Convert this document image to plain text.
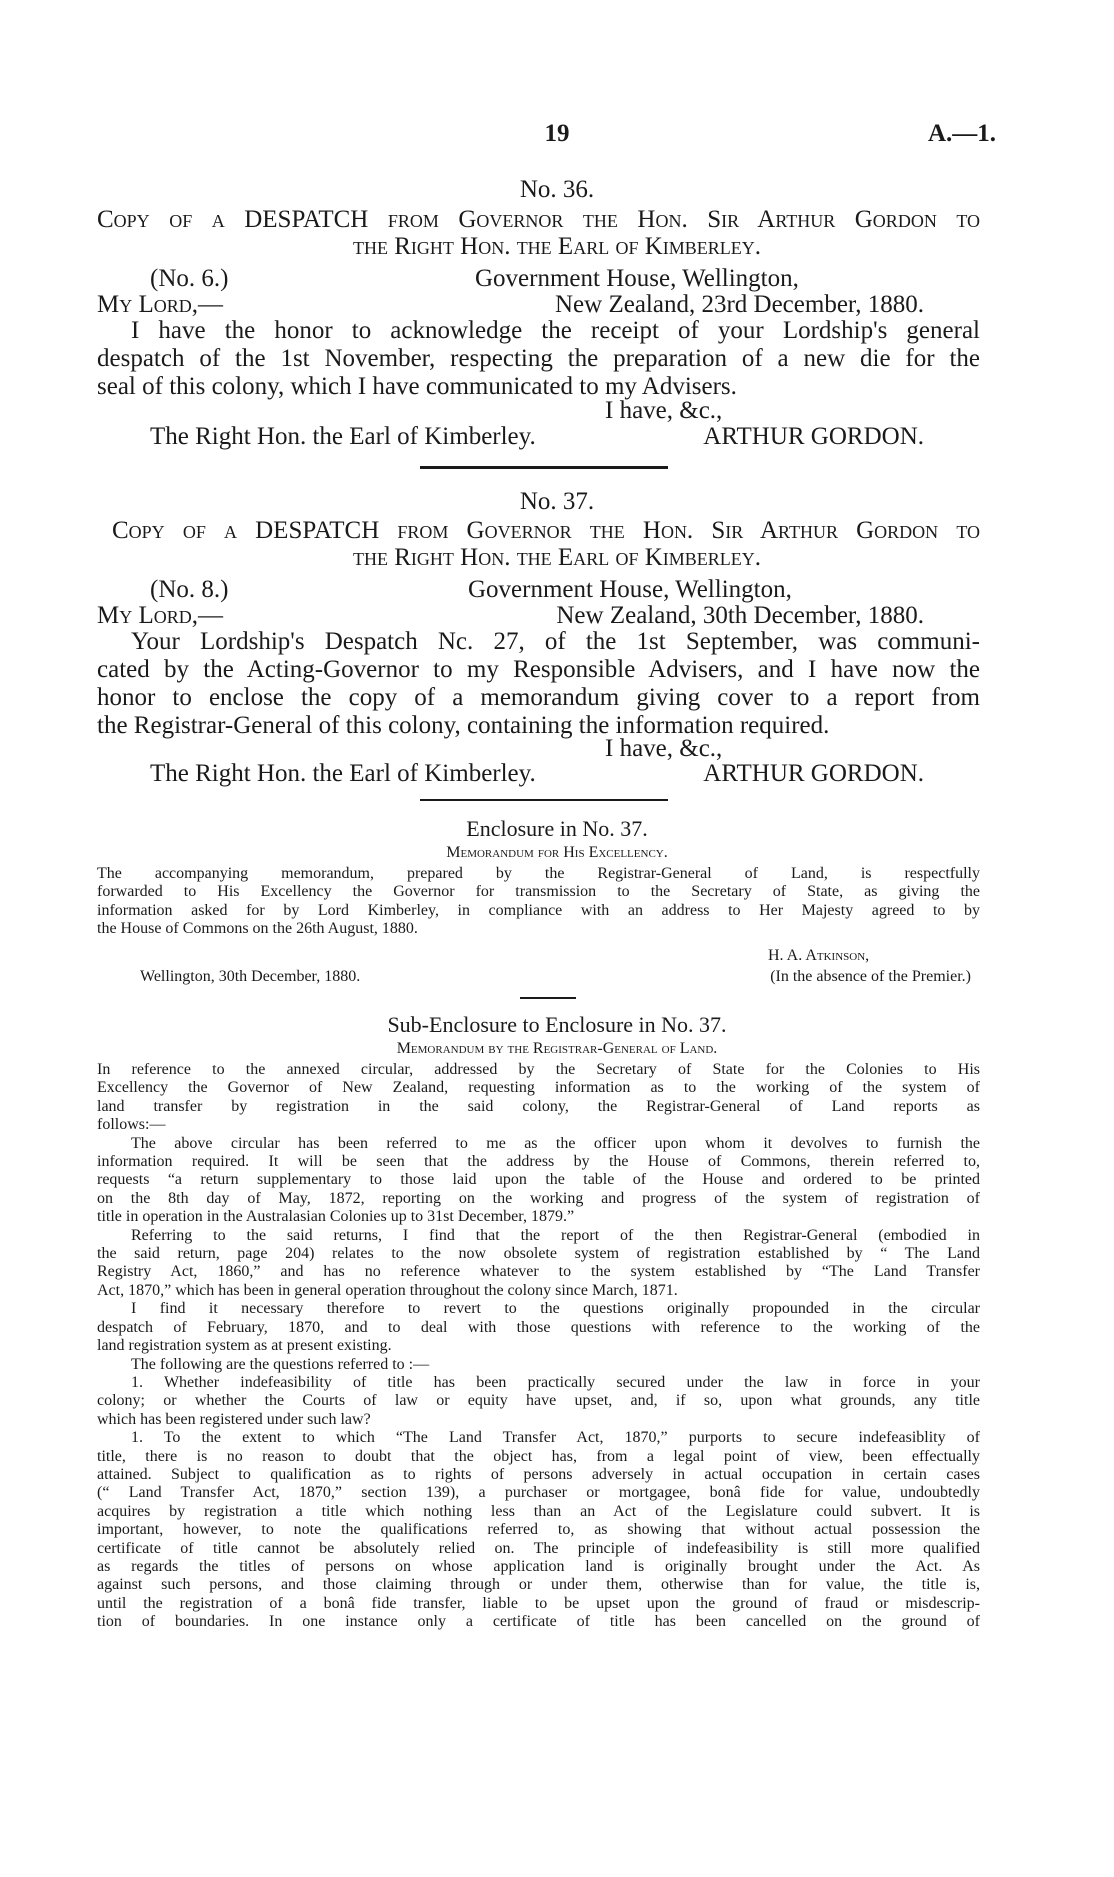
19	A.—1.
No. 36.
Copy of a DESPATCH from Governor the Hon. Sir Arthur Gordon to
the Right Hon. the Earl of Kimberley.
(No. 6.)	Government House, Wellington,
My Lord,—	New Zealand, 23rd December, 1880.
I have the honor to acknowledge the receipt of your Lordship's general
despatch of the 1st November, respecting the preparation of a new die for the
seal of this colony, which I have communicated to my Advisers.
I have, &c.,
The Right Hon. the Earl of Kimberley.	ARTHUR GORDON.
No. 37.
Copy of a DESPATCH from Governor the Hon. Sir Arthur Gordon to
the Right Hon. the Earl of Kimberley.
(No. 8.)	Government House, Wellington,
My Lord,—	New Zealand, 30th December, 1880.
Your Lordship's Despatch Nc. 27, of the 1st September, was communi-
cated by the Acting-Governor to my Responsible Advisers, and I have now the
honor to enclose the copy of a memorandum giving cover to a report from
the Registrar-General of this colony, containing the information required.
I have, &c.,
The Right Hon. the Earl of Kimberley.	ARTHUR GORDON.
Enclosure in No. 37.
Memorandum for His Excellency.
The accompanying memorandum, prepared by the Registrar-General of Land, is respectfully
forwarded to His Excellency the Governor for transmission to the Secretary of State, as giving the
information asked for by Lord Kimberley, in compliance with an address to Her Majesty agreed to by
the House of Commons on the 26th August, 1880.
H. A. Atkinson,
Wellington, 30th December, 1880.	(In the absence of the Premier.)
Sub-Enclosure to Enclosure in No. 37.
Memorandum by the Registrar-General of Land.
In reference to the annexed circular, addressed by the Secretary of State for the Colonies to His
Excellency the Governor of New Zealand, requesting information as to the working of the system of
land transfer by registration in the said colony, the Registrar-General of Land reports as
follows:—
The above circular has been referred to me as the officer upon whom it devolves to furnish the
information required. It will be seen that the address by the House of Commons, therein referred to,
requests “a return supplementary to those laid upon the table of the House and ordered to be printed
on the 8th day of May, 1872, reporting on the working and progress of the system of registration of
title in operation in the Australasian Colonies up to 31st December, 1879.”
Referring to the said returns, I find that the report of the then Registrar-General (embodied in
the said return, page 204) relates to the now obsolete system of registration established by “ The Land
Registry Act, 1860,” and has no reference whatever to the system established by “The Land Transfer
Act, 1870,” which has been in general operation throughout the colony since March, 1871.
I find it necessary therefore to revert to the questions originally propounded in the circular
despatch of February, 1870, and to deal with those questions with reference to the working of the
land registration system as at present existing.
The following are the questions referred to :—
1. Whether indefeasibility of title has been practically secured under the law in force in your
colony; or whether the Courts of law or equity have upset, and, if so, upon what grounds, any title
which has been registered under such law?
1. To the extent to which “The Land Transfer Act, 1870,” purports to secure indefeasiblity of
title, there is no reason to doubt that the object has, from a legal point of view, been effectually
attained. Subject to qualification as to rights of persons adversely in actual occupation in certain cases
(“ Land Transfer Act, 1870,” section 139), a purchaser or mortgagee, bonâ fide for value, undoubtedly
acquires by registration a title which nothing less than an Act of the Legislature could subvert. It is
important, however, to note the qualifications referred to, as showing that without actual possession the
certificate of title cannot be absolutely relied on. The principle of indefeasibility is still more qualified
as regards the titles of persons on whose application land is originally brought under the Act. As
against such persons, and those claiming through or under them, otherwise than for value, the title is,
until the registration of a bonâ fide transfer, liable to be upset upon the ground of fraud or misdescrip-
tion of boundaries. In one instance only a certificate of title has been cancelled on the ground of
